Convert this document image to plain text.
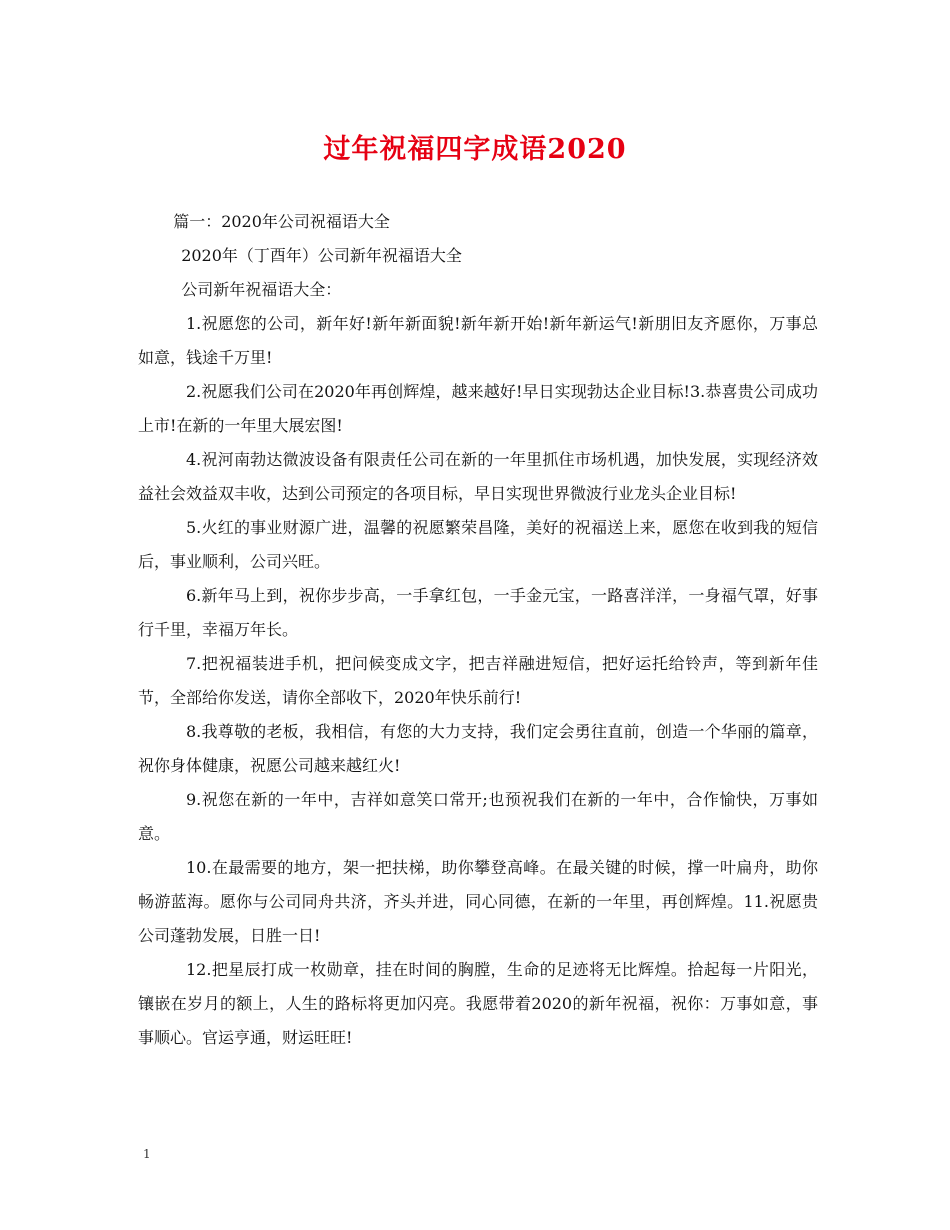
过年祝福四字成语2020

篇一：2020年公司祝福语大全

2020年（丁酉年）公司新年祝福语大全

公司新年祝福语大全：

1.祝愿您的公司，新年好!新年新面貌!新年新开始!新年新运气!新朋旧友齐愿你，万事总如意，钱途千万里!

2.祝愿我们公司在2020年再创辉煌，越来越好!早日实现勃达企业目标!3.恭喜贵公司成功上市!在新的一年里大展宏图!

4.祝河南勃达微波设备有限责任公司在新的一年里抓住市场机遇，加快发展，实现经济效益社会效益双丰收，达到公司预定的各项目标，早日实现世界微波行业龙头企业目标!

5.火红的事业财源广进，温馨的祝愿繁荣昌隆，美好的祝福送上来，愿您在收到我的短信后，事业顺利，公司兴旺。

6.新年马上到，祝你步步高，一手拿红包，一手金元宝，一路喜洋洋，一身福气罩，好事行千里，幸福万年长。

7.把祝福装进手机，把问候变成文字，把吉祥融进短信，把好运托给铃声，等到新年佳节，全部给你发送，请你全部收下，2020年快乐前行!

8.我尊敬的老板，我相信，有您的大力支持，我们定会勇往直前，创造一个华丽的篇章，祝你身体健康，祝愿公司越来越红火!

9.祝您在新的一年中，吉祥如意笑口常开;也预祝我们在新的一年中，合作愉快，万事如意。

10.在最需要的地方，架一把扶梯，助你攀登高峰。在最关键的时候，撑一叶扁舟，助你畅游蓝海。愿你与公司同舟共济，齐头并进，同心同德，在新的一年里，再创辉煌。11.祝愿贵公司蓬勃发展，日胜一日!

12.把星辰打成一枚勋章，挂在时间的胸膛，生命的足迹将无比辉煌。拾起每一片阳光，镶嵌在岁月的额上，人生的路标将更加闪亮。我愿带着2020的新年祝福，祝你：万事如意，事事顺心。官运亨通，财运旺旺!

1
